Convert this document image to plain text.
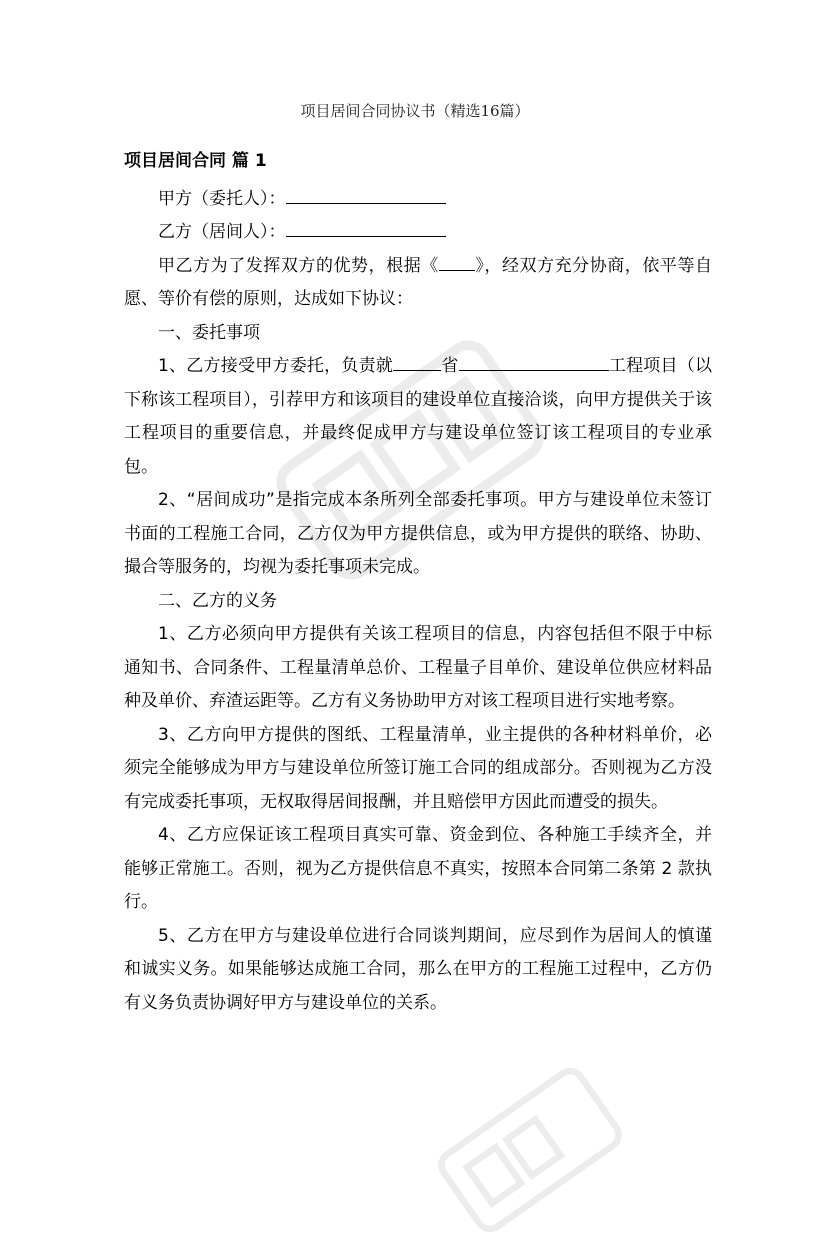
项目居间合同协议书（精选16篇）

项目居间合同 篇 1

甲方（委托人）：

乙方（居间人）：

甲乙方为了发挥双方的优势，根据《 》，经双方充分协商，依平等自愿、等价有偿的原则，达成如下协议：

一、委托事项

1、乙方接受甲方委托，负责就	省	工程项目（以下称该工程项目），引荐甲方和该项目的建设单位直接洽谈，向甲方提供关于该工程项目的重要信息，并最终促成甲方与建设单位签订该工程项目的专业承包。

2、“居间成功”是指完成本条所列全部委托事项。甲方与建设单位未签订书面的工程施工合同，乙方仅为甲方提供信息，或为甲方提供的联络、协助、撮合等服务的，均视为委托事项未完成。

二、乙方的义务

1、乙方必须向甲方提供有关该工程项目的信息，内容包括但不限于中标通知书、合同条件、工程量清单总价、工程量子目单价、建设单位供应材料品种及单价、弃渣运距等。乙方有义务协助甲方对该工程项目进行实地考察。

3、乙方向甲方提供的图纸、工程量清单，业主提供的各种材料单价，必须完全能够成为甲方与建设单位所签订施工合同的组成部分。否则视为乙方没有完成委托事项，无权取得居间报酬，并且赔偿甲方因此而遭受的损失。

4、乙方应保证该工程项目真实可靠、资金到位、各种施工手续齐全，并能够正常施工。否则，视为乙方提供信息不真实，按照本合同第二条第 2 款执行。

5、乙方在甲方与建设单位进行合同谈判期间，应尽到作为居间人的慎谨和诚实义务。如果能够达成施工合同，那么在甲方的工程施工过程中，乙方仍有义务负责协调好甲方与建设单位的关系。
